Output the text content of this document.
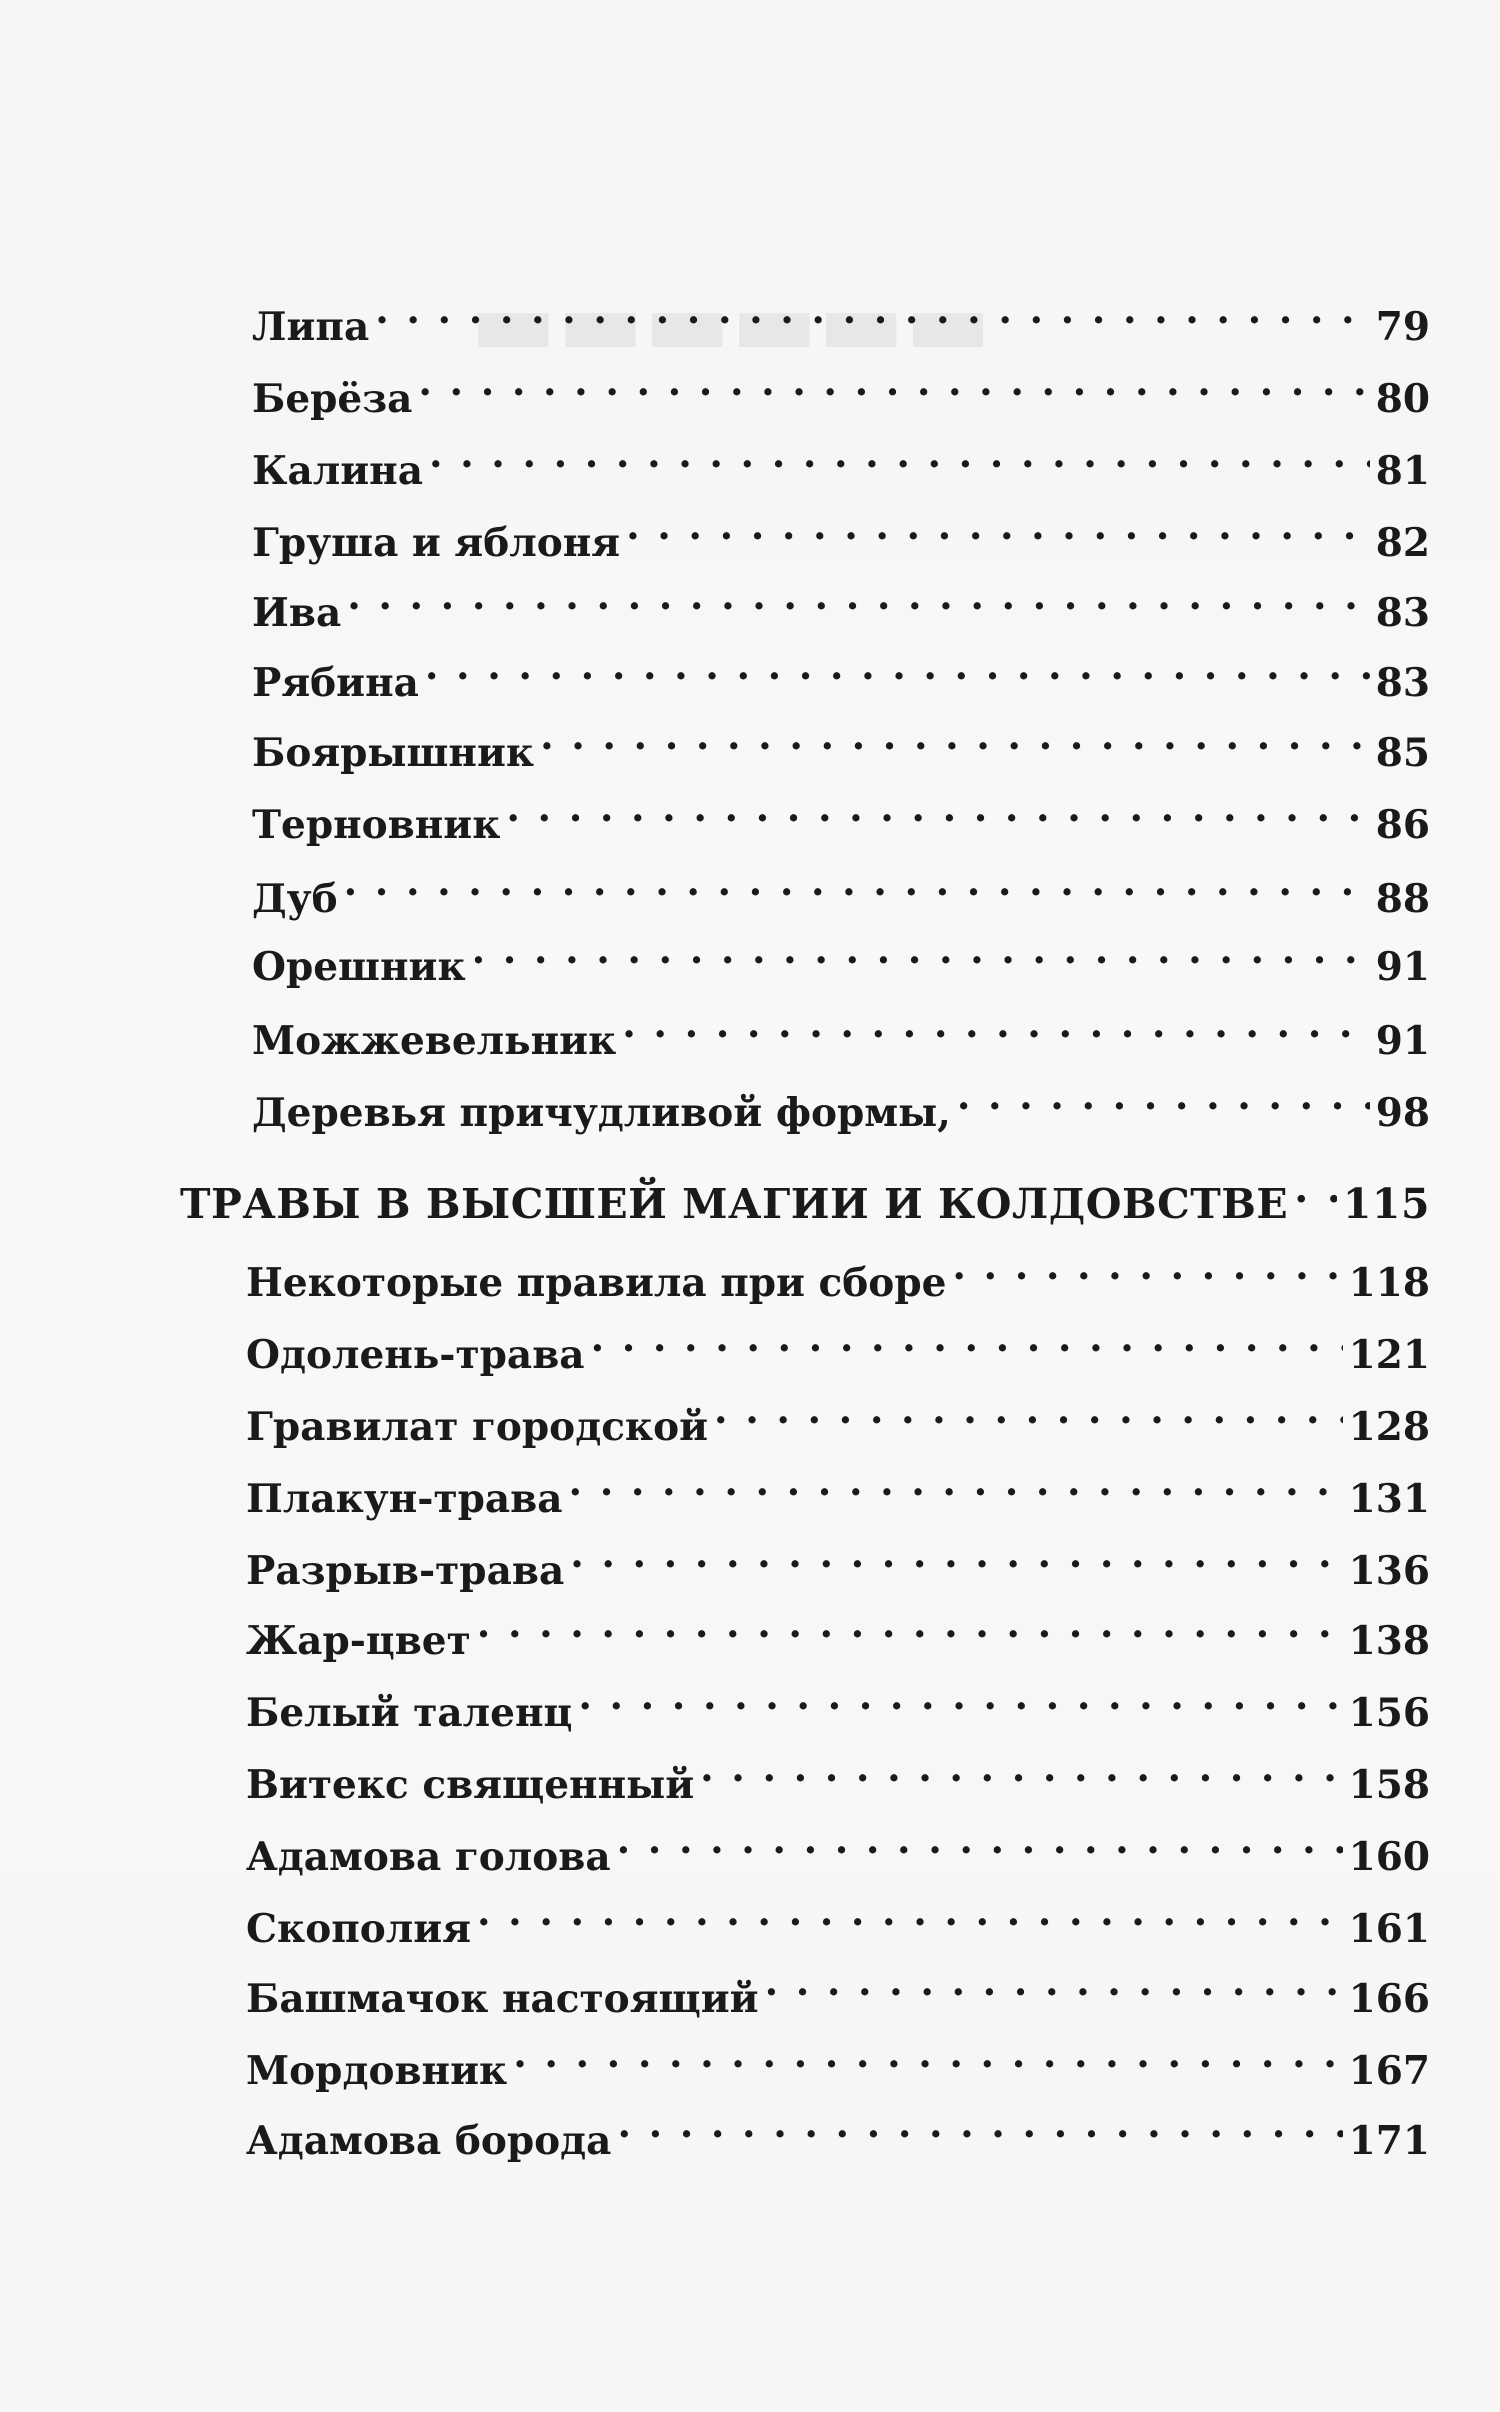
▬▬▬▬▬▬
Липа . . .	79
Берёза . . .	80
Калина . . .	81
Груша и яблоня . . .	82
Ива . . .	83
Рябина . . .	83
Боярышник . . .	85
Терновник . . .	86
Дуб . . .	88
Орешник . . .	91
Можжевельник . . .	91
Деревья причудливой формы, . . .	98
ТРАВЫ В ВЫСШЕЙ МАГИИ И КОЛДОВСТВЕ . . . 115
Некоторые правила при сборе . . .	118
Одолень-трава . . .	121
Гравилат городской . . .	128
Плакун-трава . . .	131
Разрыв-трава . . .	136
Жар-цвет . . .	138
Белый таленц . . .	156
Витекс священный . . .	158
Адамова голова . . .	160
Скополия . . .	161
Башмачок настоящий . . .	166
Мордовник . . .	167
Адамова борода . . .	171
